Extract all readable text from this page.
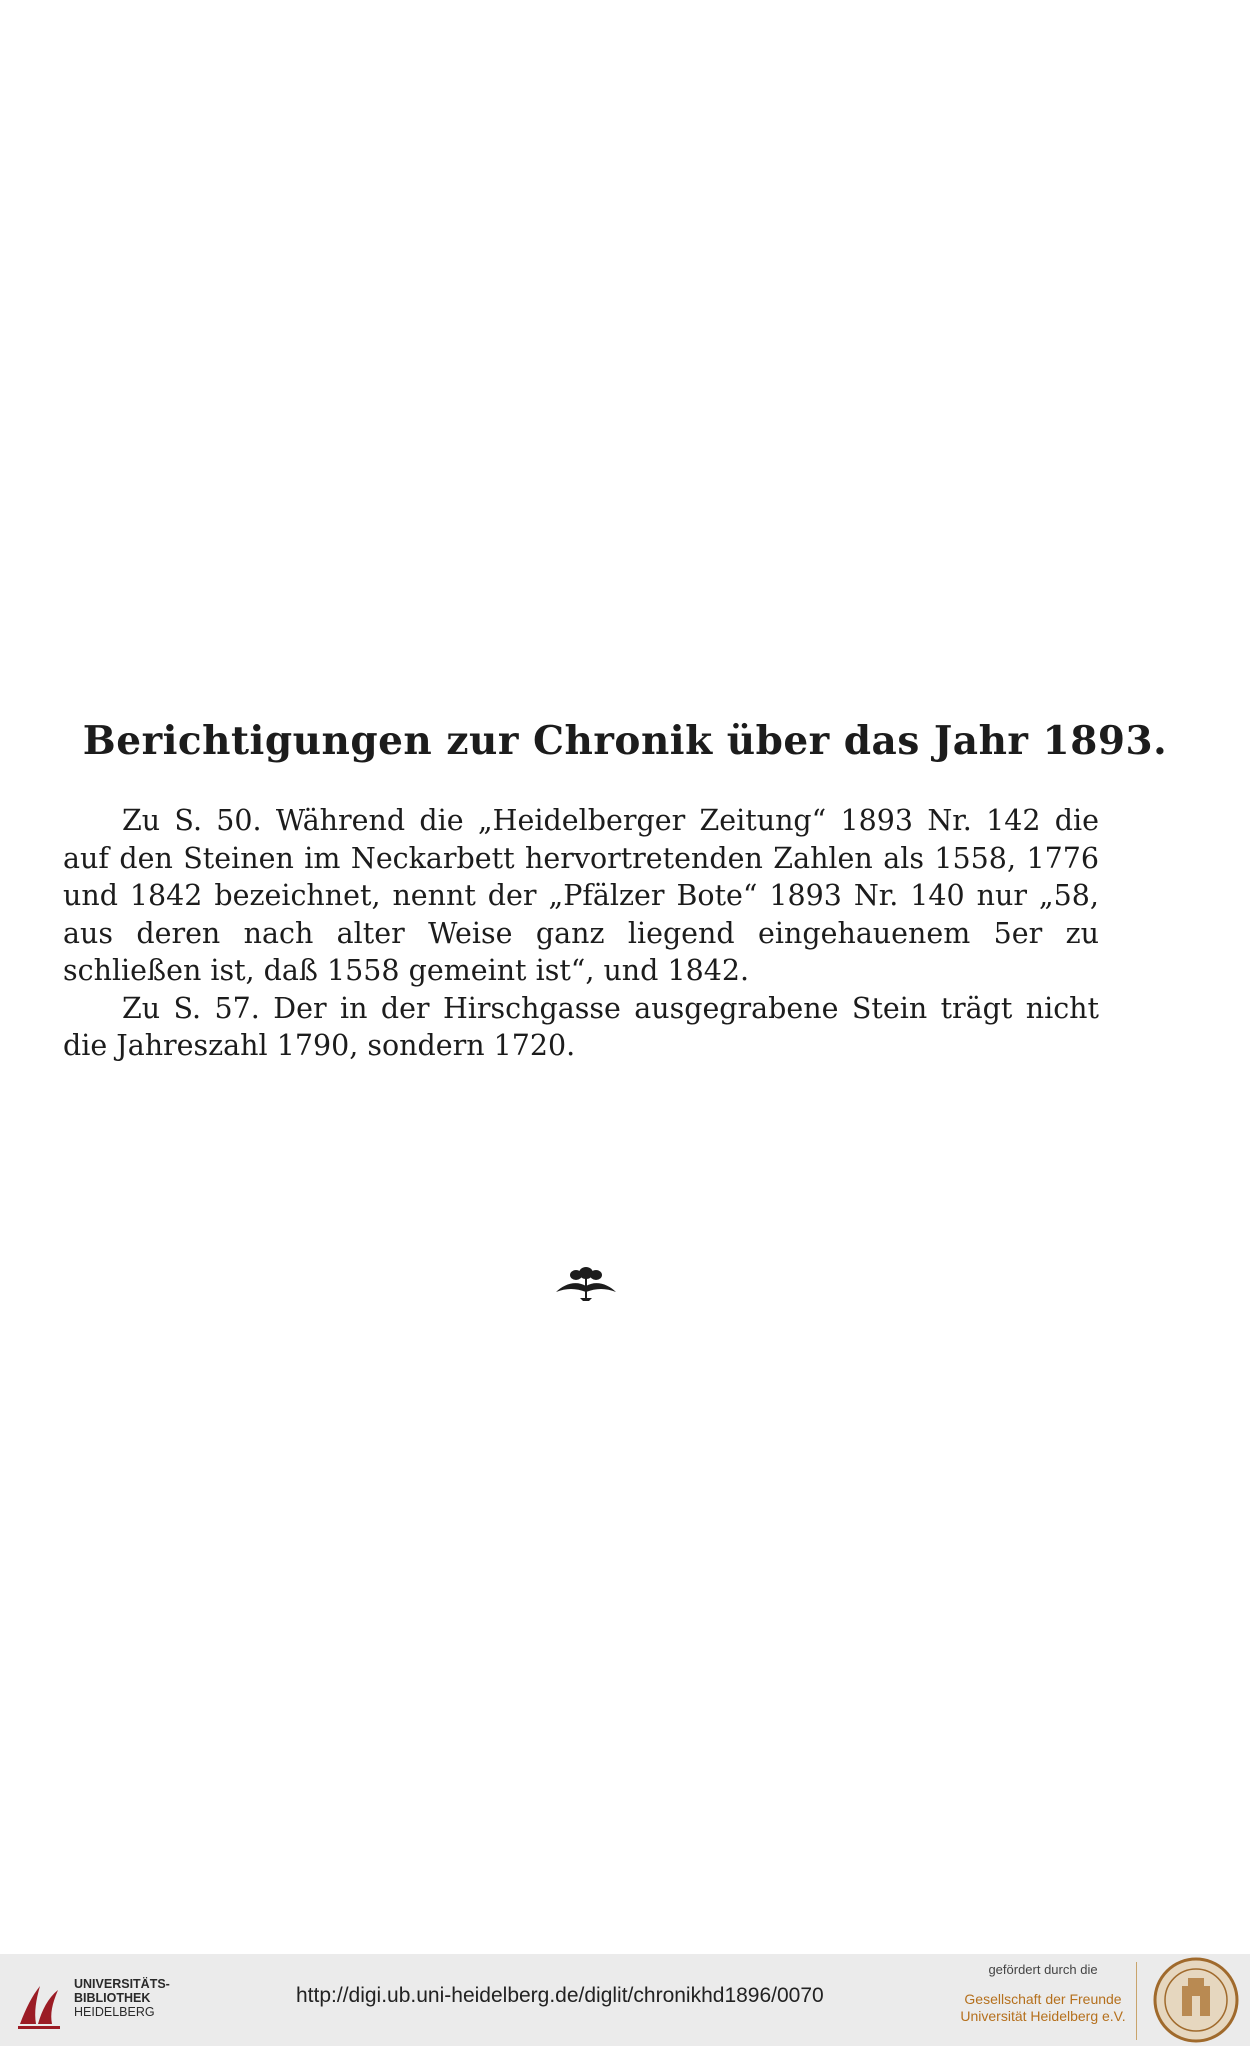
Berichtigungen zur Chronik über das Jahr 1893.

Zu S. 50. Während die „Heidelberger Zeitung“ 1893 Nr. 142 die auf den Steinen im Neckarbett hervortretenden Zahlen als 1558, 1776 und 1842 bezeichnet, nennt der „Pfälzer Bote“ 1893 Nr. 140 nur „58, aus deren nach alter Weise ganz liegend eingehauenem 5er zu schließen ist, daß 1558 gemeint ist“, und 1842.

Zu S. 57. Der in der Hirschgasse ausgegrabene Stein trägt nicht die Jahreszahl 1790, sondern 1720.

UNIVERSITÄTS-
BIBLIOTHEK
HEIDELBERG
http://digi.ub.uni-heidelberg.de/diglit/chronikhd1896/0070
gefördert durch die
Gesellschaft der Freunde
Universität Heidelberg e.V.
